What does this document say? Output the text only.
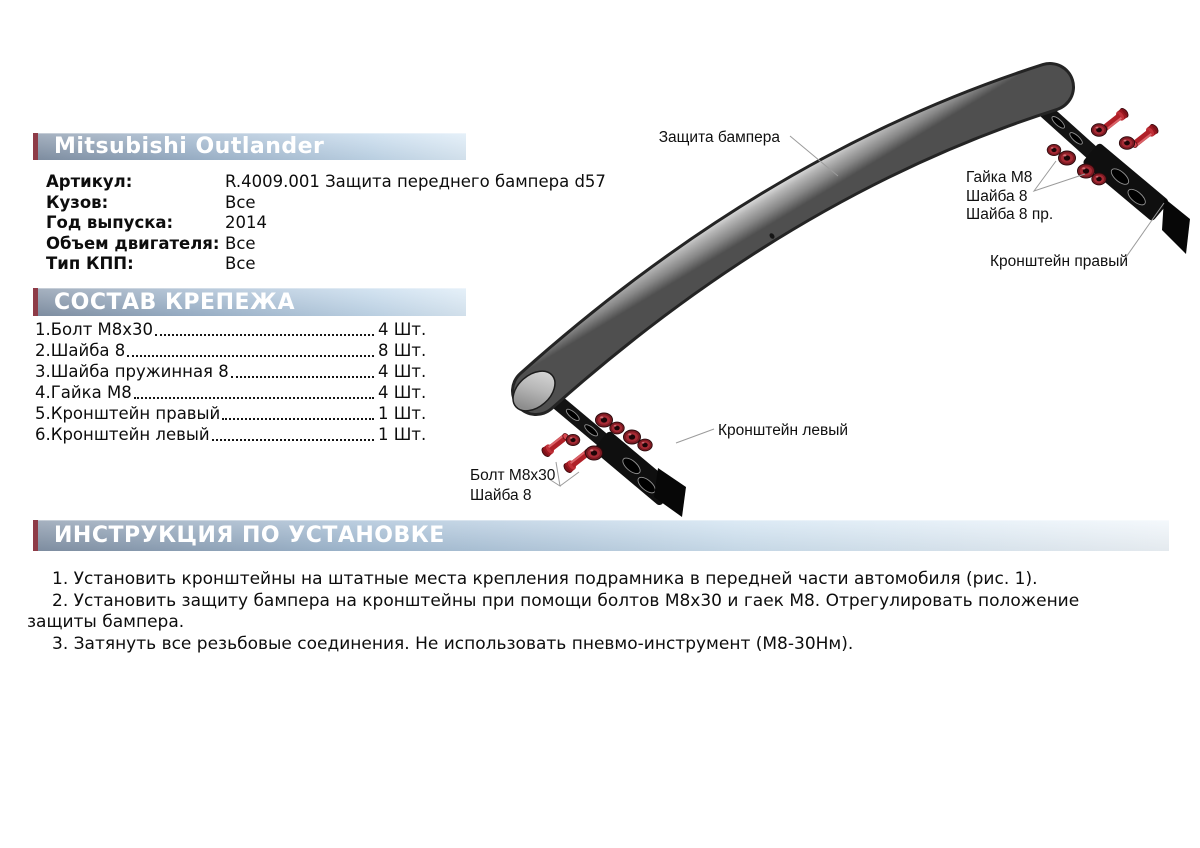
Mitsubishi Outlander
Артикул:	R.4009.001 Защита переднего бампера d57
Кузов:	Все
Год выпуска:	2014
Объем двигателя: Все
Тип КПП:	Все
СОСТАВ КРЕПЕЖА
1.Болт М8х30	4 Шт.
2.Шайба 8	8 Шт.
3.Шайба пружинная 8	4 Шт.
4.Гайка М8	4 Шт.
5.Кронштейн правый	1 Шт.
6.Кронштейн левый	1 Шт.
Защита бампера
Гайка М8
Шайба 8
Шайба 8 пр.
Кронштейн правый
Кронштейн левый
Болт М8х30
Шайба 8
ИНСТРУКЦИЯ ПО УСТАНОВКЕ

1. Установить кронштейны на штатные места крепления подрамника в передней части автомобиля (рис. 1).

2. Установить защиту бампера на кронштейны при помощи болтов М8х30 и гаек М8. Отрегулировать положение защиты бампера.

3. Затянуть все резьбовые соединения. Не использовать пневмо-инструмент (М8-30Нм).
